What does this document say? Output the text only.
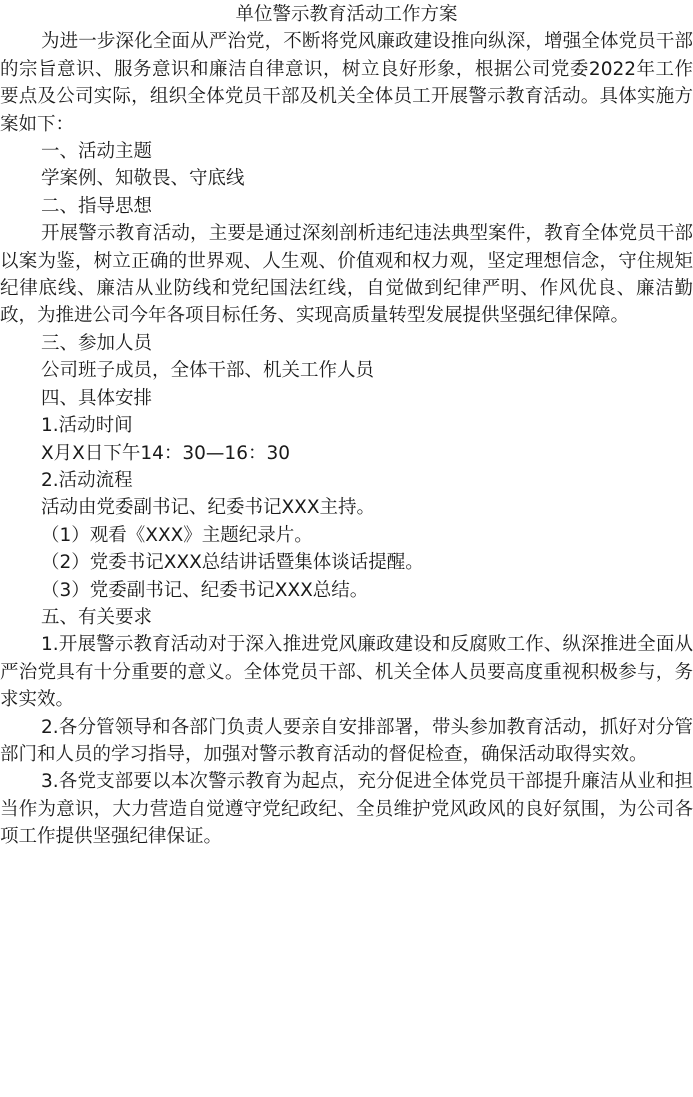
单位警示教育活动工作方案

为进一步深化全面从严治党，不断将党风廉政建设推向纵深，增强全体党员干部的宗旨意识、服务意识和廉洁自律意识，树立良好形象，根据公司党委2022年工作要点及公司实际，组织全体党员干部及机关全体员工开展警示教育活动。具体实施方案如下：

一、活动主题

学案例、知敬畏、守底线

二、指导思想

开展警示教育活动，主要是通过深刻剖析违纪违法典型案件，教育全体党员干部以案为鉴，树立正确的世界观、人生观、价值观和权力观，坚定理想信念，守住规矩纪律底线、廉洁从业防线和党纪国法红线，自觉做到纪律严明、作风优良、廉洁勤政，为推进公司今年各项目标任务、实现高质量转型发展提供坚强纪律保障。

三、参加人员

公司班子成员，全体干部、机关工作人员

四、具体安排

1.活动时间

X月X日下午14：30—16：30

2.活动流程

活动由党委副书记、纪委书记XXX主持。

（1）观看《XXX》主题纪录片。

（2）党委书记XXX总结讲话暨集体谈话提醒。

（3）党委副书记、纪委书记XXX总结。

五、有关要求

1.开展警示教育活动对于深入推进党风廉政建设和反腐败工作、纵深推进全面从严治党具有十分重要的意义。全体党员干部、机关全体人员要高度重视积极参与，务求实效。

2.各分管领导和各部门负责人要亲自安排部署，带头参加教育活动，抓好对分管部门和人员的学习指导，加强对警示教育活动的督促检查，确保活动取得实效。

3.各党支部要以本次警示教育为起点，充分促进全体党员干部提升廉洁从业和担当作为意识，大力营造自觉遵守党纪政纪、全员维护党风政风的良好氛围，为公司各项工作提供坚强纪律保证。
